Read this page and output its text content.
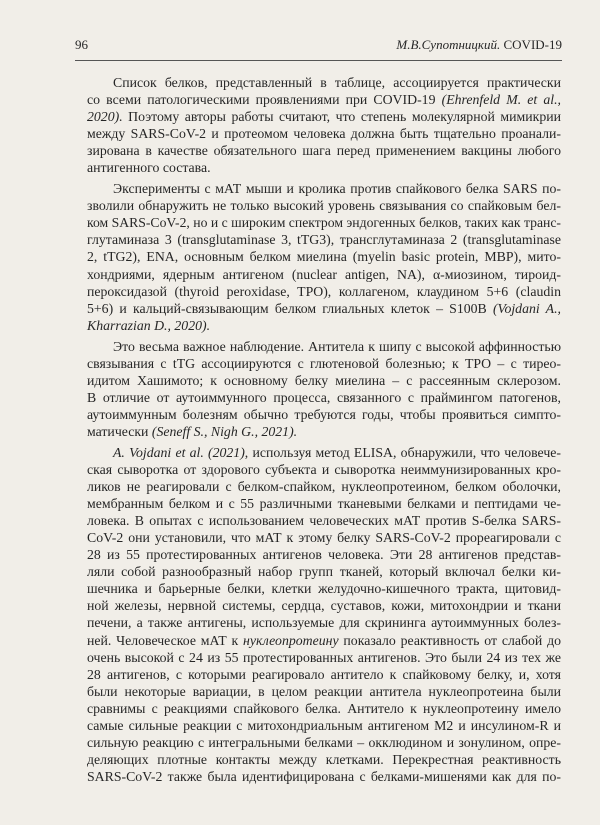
96	М.В.Супотницкий. COVID-19
Список белков, представленный в таблице, ассоциируется практически
со всеми патологическими проявлениями при COVID-19 (Ehrenfeld M. et al.,
2020). Поэтому авторы работы считают, что степень молекулярной мимикрии
между SARS-CoV-2 и протеомом человека должна быть тщательно проанали-
зирована в качестве обязательного шага перед применением вакцины любого
антигенного состава.
Эксперименты с мАТ мыши и кролика против спайкового белка SARS по-
зволили обнаружить не только высокий уровень связывания со спайковым бел-
ком SARS-CoV-2, но и с широким спектром эндогенных белков, таких как транс-
глутаминаза 3 (transglutaminase 3, tTG3), трансглутаминаза 2 (transglutaminase
2, tTG2), ENA, основным белком миелина (myelin basic protein, MBP), мито-
хондриями, ядерным антигеном (nuclear antigen, NA), α-миозином, тироид-
пероксидазой (thyroid peroxidase, TPO), коллагеном, клаудином 5+6 (claudin
5+6) и кальций-связывающим белком глиальных клеток – S100B (Vojdani A.,
Kharrazian D., 2020).
Это весьма важное наблюдение. Антитела к шипу с высокой аффинностью
связывания с tTG ассоциируются с глютеновой болезнью; к TPO – с тирео-
идитом Хашимото; к основному белку миелина – с рассеянным склерозом.
В отличие от аутоиммунного процесса, связанного с праймингом патогенов,
аутоиммунным болезням обычно требуются годы, чтобы проявиться симпто-
матически (Seneff S., Nigh G., 2021).
A. Vojdani et al. (2021), используя метод ELISA, обнаружили, что человече-
ская сыворотка от здорового субъекта и сыворотка неиммунизированных кро-
ликов не реагировали с белком-спайком, нуклеопротеином, белком оболочки,
мембранным белком и с 55 различными тканевыми белками и пептидами че-
ловека. В опытах с использованием человеческих мАТ против S-белка SARS-
CoV-2 они установили, что мАТ к этому белку SARS-CoV-2 прореагировали с
28 из 55 протестированных антигенов человека. Эти 28 антигенов представ-
ляли собой разнообразный набор групп тканей, который включал белки ки-
шечника и барьерные белки, клетки желудочно-кишечного тракта, щитовид-
ной железы, нервной системы, сердца, суставов, кожи, митохондрии и ткани
печени, а также антигены, используемые для скрининга аутоиммунных болез-
ней. Человеческое мАТ к нуклеопротеину показало реактивность от слабой до
очень высокой с 24 из 55 протестированных антигенов. Это были 24 из тех же
28 антигенов, с которыми реагировало антитело к спайковому белку, и, хотя
были некоторые вариации, в целом реакции антитела нуклеопротеина были
сравнимы с реакциями спайкового белка. Антитело к нуклеопротеину имело
самые сильные реакции с митохондриальным антигеном M2 и инсулином-R и
сильную реакцию с интегральными белками – окклюдином и зонулином, опре-
деляющих плотные контакты между клетками. Перекрестная реактивность
SARS-CoV-2 также была идентифицирована с белками-мишенями как для по-
